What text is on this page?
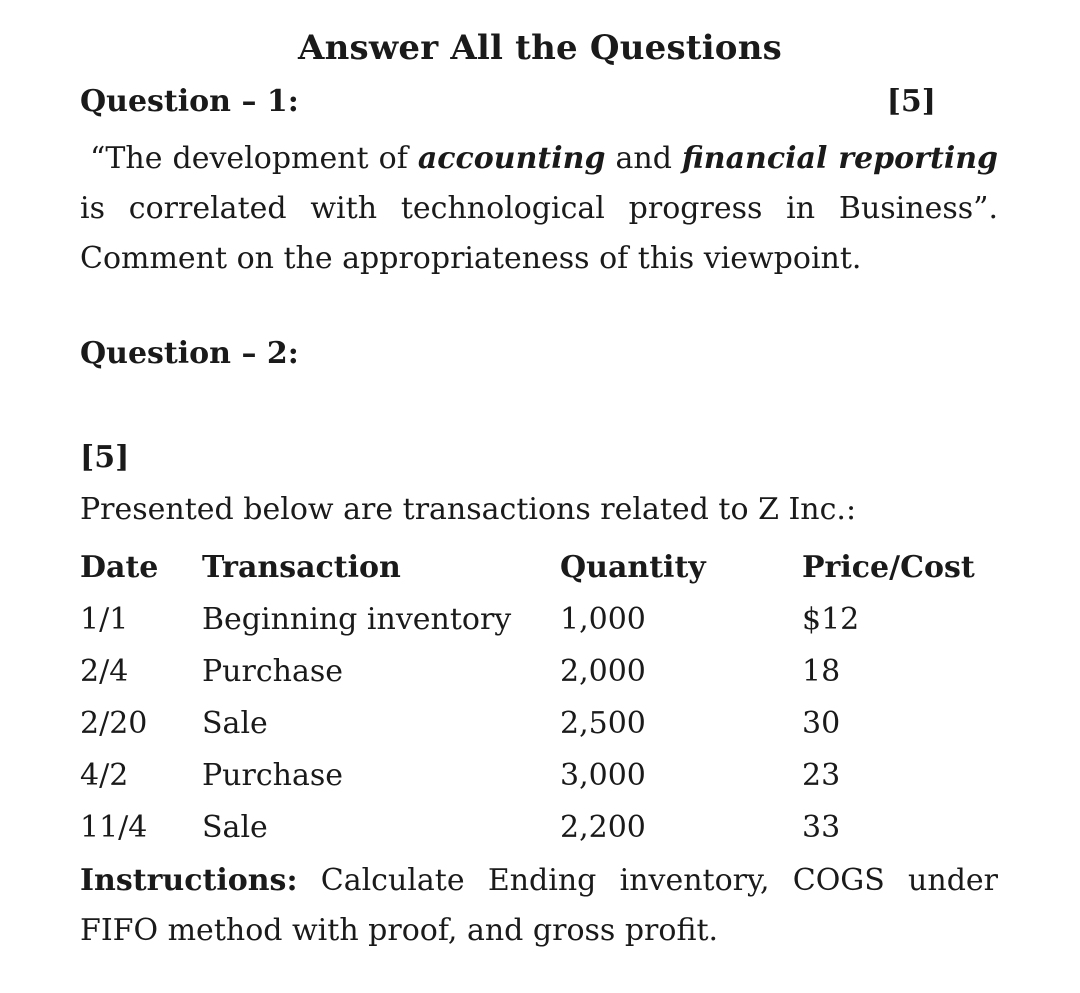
Answer All the Questions
Question – 1:	[5]
“The development of accounting and financial reporting is correlated with technological progress in Business”. Comment on the appropriateness of this viewpoint.
Question – 2:
[5]
Presented below are transactions related to Z Inc.:
Date Transaction	Quantity	Price/Cost
1/1 Beginning inventory 1,000	$12
2/4 Purchase	2,000	18
2/20 Sale	2,500	30
4/2 Purchase	3,000	23
11/4 Sale	2,200	33
Instructions: Calculate Ending inventory, COGS under FIFO method with proof, and gross profit.
